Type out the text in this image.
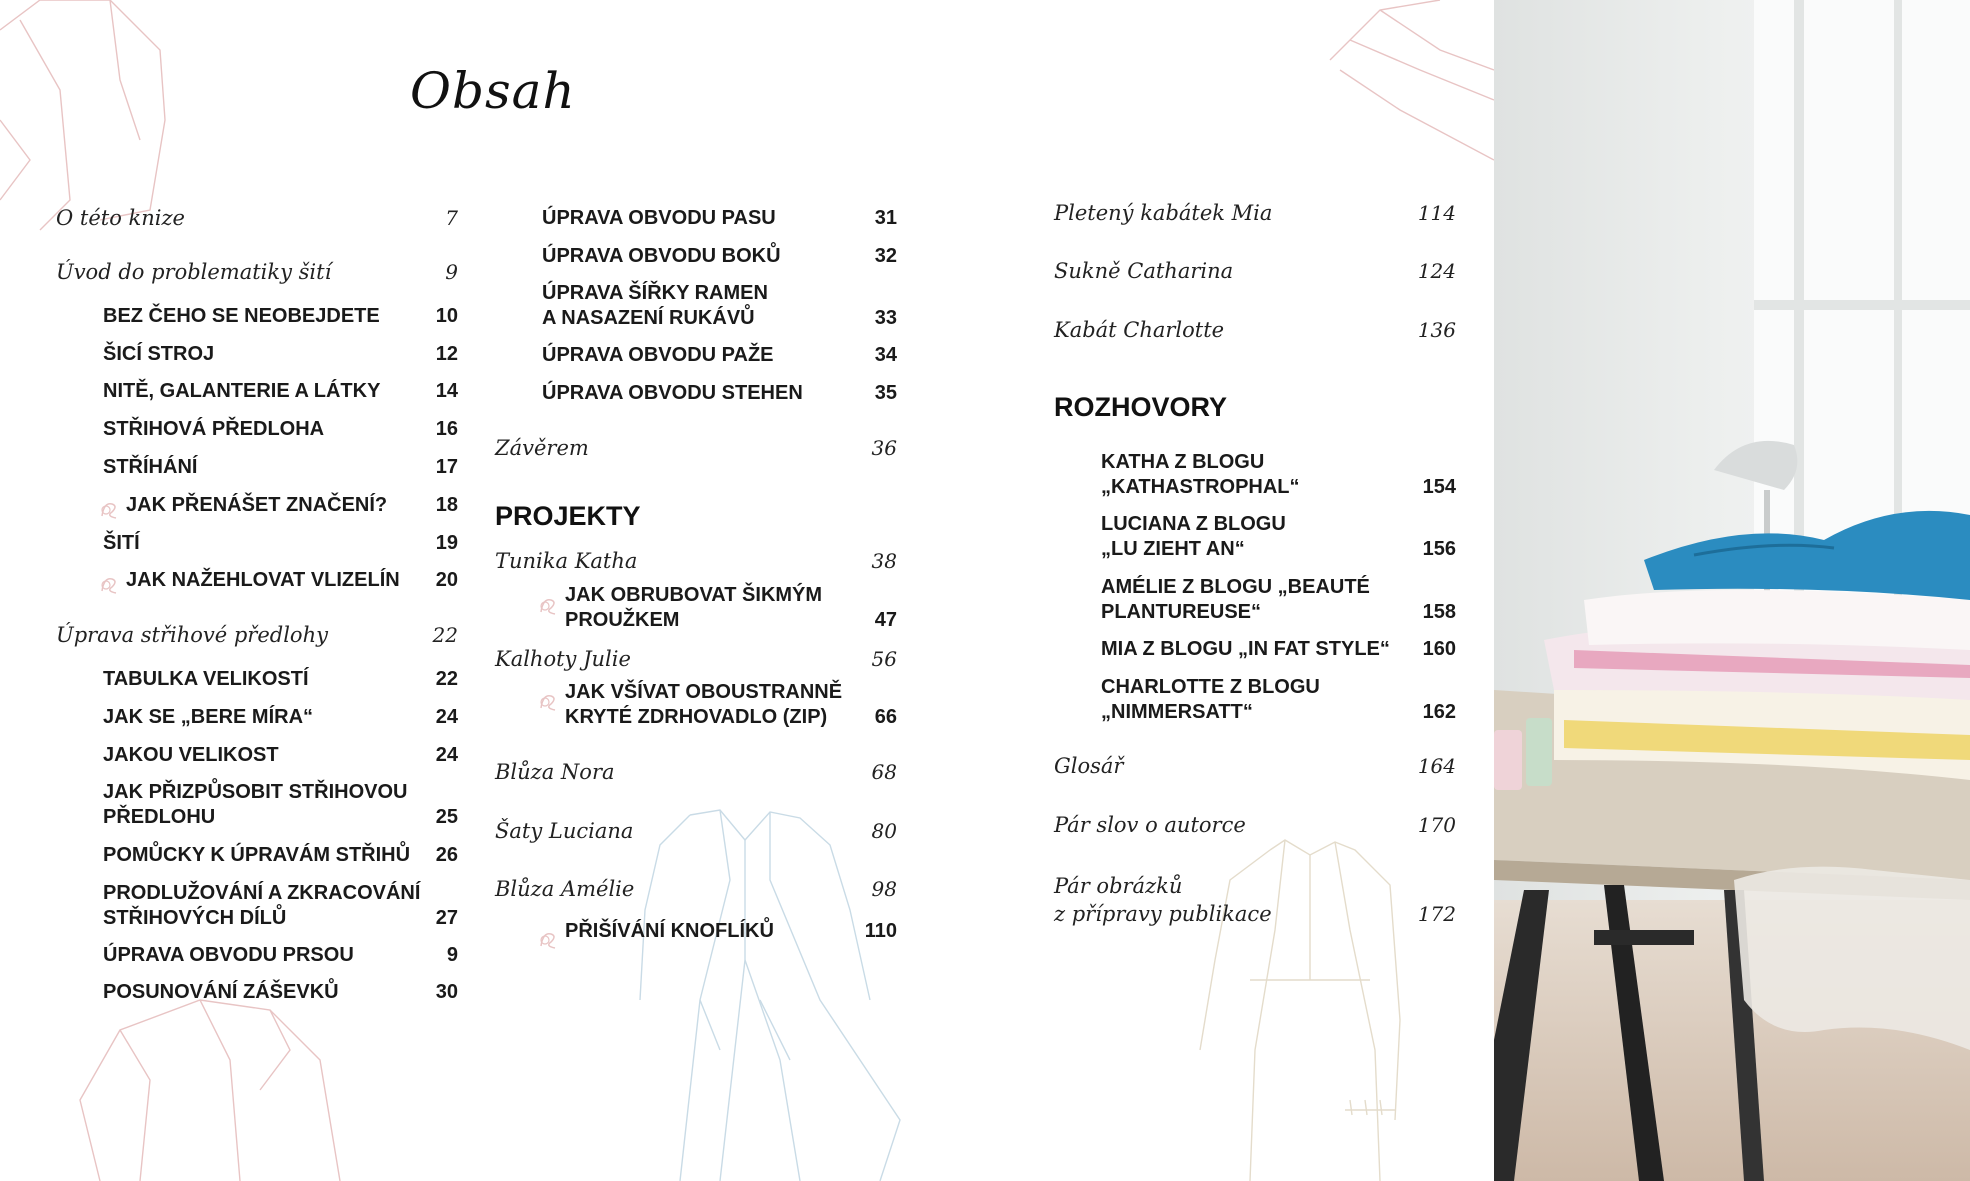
Obsah
O této knize	7
Úvod do problematiky šití	9
BEZ ČEHO SE NEOBEJDETE	10
ŠICÍ STROJ	12
NITĚ, GALANTERIE A LÁTKY	14
STŘIHOVÁ PŘEDLOHA	16
STŘÍHÁNÍ	17
JAK PŘENÁŠET ZNAČENÍ? 18
ŠITÍ	19
JAK NAŽEHLOVAT VLIZELÍN 20
Úprava střihové předlohy	22
TABULKA VELIKOSTÍ	22
JAK SE „BERE MÍRA“	24
JAKOU VELIKOST	24
JAK PŘIZPŮSOBIT STŘIHOVOU
PŘEDLOHU	25
POMŮCKY K ÚPRAVÁM STŘIHŮ 26
PRODLUŽOVÁNÍ A ZKRACOVÁNÍ
STŘIHOVÝCH DÍLŮ	27
ÚPRAVA OBVODU PRSOU	9
POSUNOVÁNÍ ZÁŠEVKŮ	30
ÚPRAVA OBVODU PASU	31
ÚPRAVA OBVODU BOKŮ	32
ÚPRAVA ŠÍŘKY RAMEN
A NASAZENÍ RUKÁVŮ	33
ÚPRAVA OBVODU PAŽE	34
ÚPRAVA OBVODU STEHEN	35
Závěrem	36
PROJEKTY
Tunika Katha	38
JAK OBRUBOVAT ŠIKMÝM
PROUŽKEM	47
Kalhoty Julie	56
JAK VŠÍVAT OBOUSTRANNĚ
KRYTÉ ZDRHOVADLO (ZIP)	66
Blůza Nora	68
Šaty Luciana	80
Blůza Amélie	98
PŘIŠÍVÁNÍ KNOFLÍKŮ	110
Pletený kabátek Mia	114
Sukně Catharina	124
Kabát Charlotte	136
ROZHOVORY
KATHA Z BLOGU
„KATHASTROPHAL“	154
LUCIANA Z BLOGU
„LU ZIEHT AN“	156
AMÉLIE Z BLOGU „BEAUTÉ
PLANTUREUSE“	158
MIA Z BLOGU „IN FAT STYLE“ 160
CHARLOTTE Z BLOGU
„NIMMERSATT“	162
Glosář	164
Pár slov o autorce	170
Pár obrázků
z přípravy publikace	172
